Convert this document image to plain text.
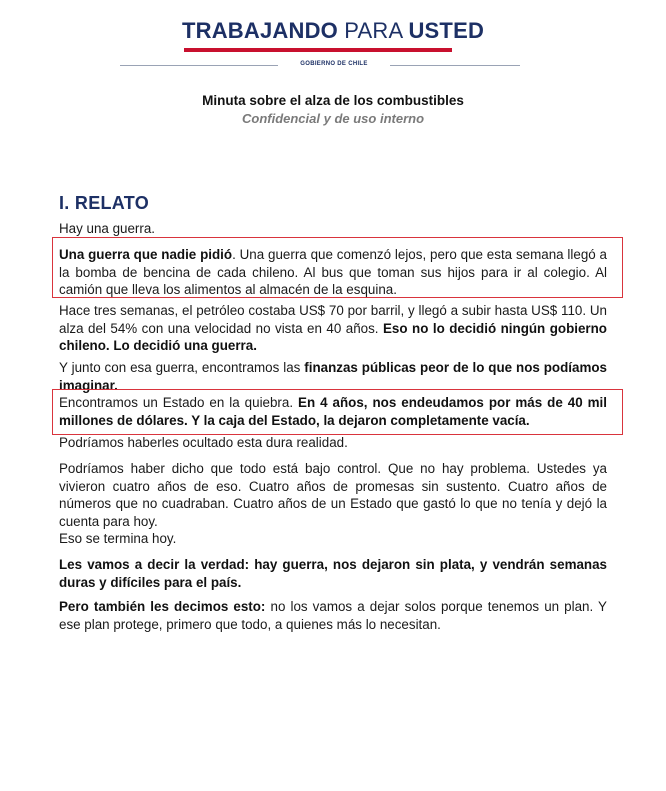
TRABAJANDO PARA USTED
GOBIERNO DE CHILE
Minuta sobre el alza de los combustibles
Confidencial y de uso interno
I. RELATO
Hay una guerra.
Una guerra que nadie pidió. Una guerra que comenzó lejos, pero que esta semana llegó a la bomba de bencina de cada chileno. Al bus que toman sus hijos para ir al colegio. Al camión que lleva los alimentos al almacén de la esquina.
Hace tres semanas, el petróleo costaba US$ 70 por barril, y llegó a subir hasta US$ 110. Un alza del 54% con una velocidad no vista en 40 años. Eso no lo decidió ningún gobierno chileno. Lo decidió una guerra.
Y junto con esa guerra, encontramos las finanzas públicas peor de lo que nos podíamos imaginar.
Encontramos un Estado en la quiebra. En 4 años, nos endeudamos por más de 40 mil millones de dólares. Y la caja del Estado, la dejaron completamente vacía.
Podríamos haberles ocultado esta dura realidad.
Podríamos haber dicho que todo está bajo control. Que no hay problema. Ustedes ya vivieron cuatro años de eso. Cuatro años de promesas sin sustento. Cuatro años de números que no cuadraban. Cuatro años de un Estado que gastó lo que no tenía y dejó la cuenta para hoy.
Eso se termina hoy.
Les vamos a decir la verdad: hay guerra, nos dejaron sin plata, y vendrán semanas duras y difíciles para el país.
Pero también les decimos esto: no los vamos a dejar solos porque tenemos un plan. Y ese plan protege, primero que todo, a quienes más lo necesitan.
